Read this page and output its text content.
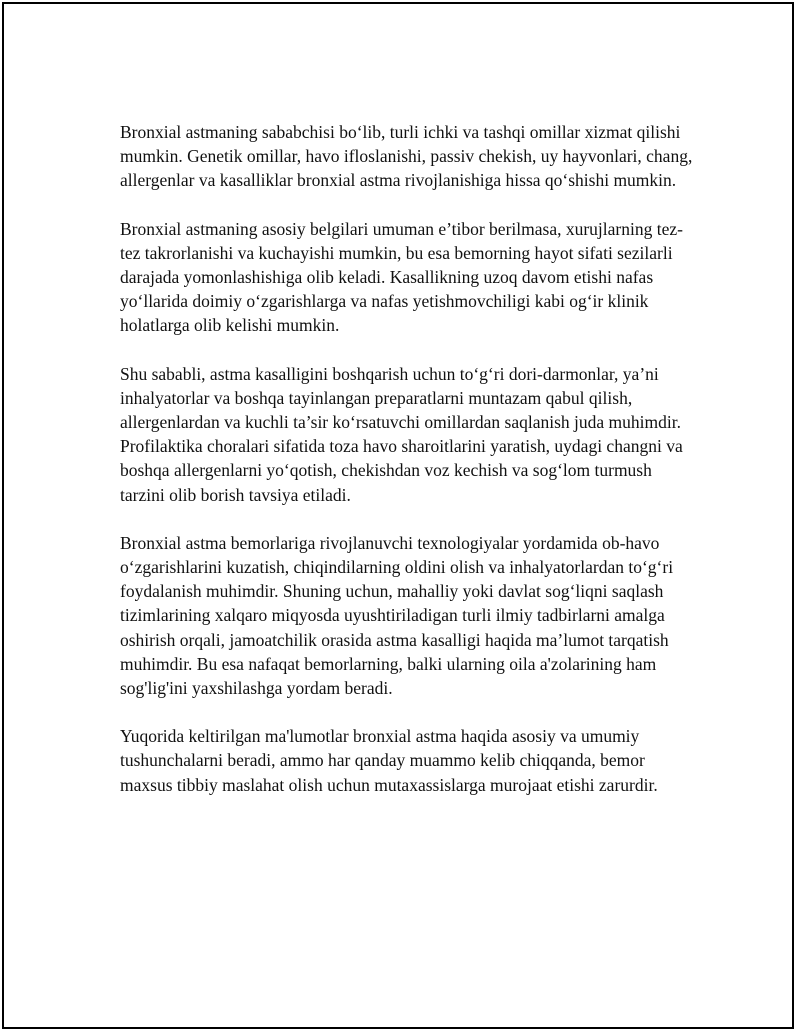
Bronxial astmaning sababchisi bo‘lib, turli ichki va tashqi omillar xizmat qilishi mumkin. Genetik omillar, havo ifloslanishi, passiv chekish, uy hayvonlari, chang, allergenlar va kasalliklar bronxial astma rivojlanishiga hissa qo‘shishi mumkin.

Bronxial astmaning asosiy belgilari umuman e’tibor berilmasa, xurujlarning tez-tez takrorlanishi va kuchayishi mumkin, bu esa bemorning hayot sifati sezilarli darajada yomonlashishiga olib keladi. Kasallikning uzoq davom etishi nafas yo‘llarida doimiy o‘zgarishlarga va nafas yetishmovchiligi kabi og‘ir klinik holatlarga olib kelishi mumkin.

Shu sababli, astma kasalligini boshqarish uchun to‘g‘ri dori-darmonlar, ya’ni inhalyatorlar va boshqa tayinlangan preparatlarni muntazam qabul qilish, allergenlardan va kuchli ta’sir ko‘rsatuvchi omillardan saqlanish juda muhimdir. Profilaktika choralari sifatida toza havo sharoitlarini yaratish, uydagi changni va boshqa allergenlarni yo‘qotish, chekishdan voz kechish va sog‘lom turmush tarzini olib borish tavsiya etiladi.

Bronxial astma bemorlariga rivojlanuvchi texnologiyalar yordamida ob-havo o‘zgarishlarini kuzatish, chiqindilarning oldini olish va inhalyatorlardan to‘g‘ri foydalanish muhimdir. Shuning uchun, mahalliy yoki davlat sog‘liqni saqlash tizimlarining xalqaro miqyosda uyushtiriladigan turli ilmiy tadbirlarni amalga oshirish orqali, jamoatchilik orasida astma kasalligi haqida ma’lumot tarqatish muhimdir. Bu esa nafaqat bemorlarning, balki ularning oila a'zolarining ham sog'lig'ini yaxshilashga yordam beradi.

Yuqorida keltirilgan ma'lumotlar bronxial astma haqida asosiy va umumiy tushunchalarni beradi, ammo har qanday muammo kelib chiqqanda, bemor maxsus tibbiy maslahat olish uchun mutaxassislarga murojaat etishi zarurdir.
